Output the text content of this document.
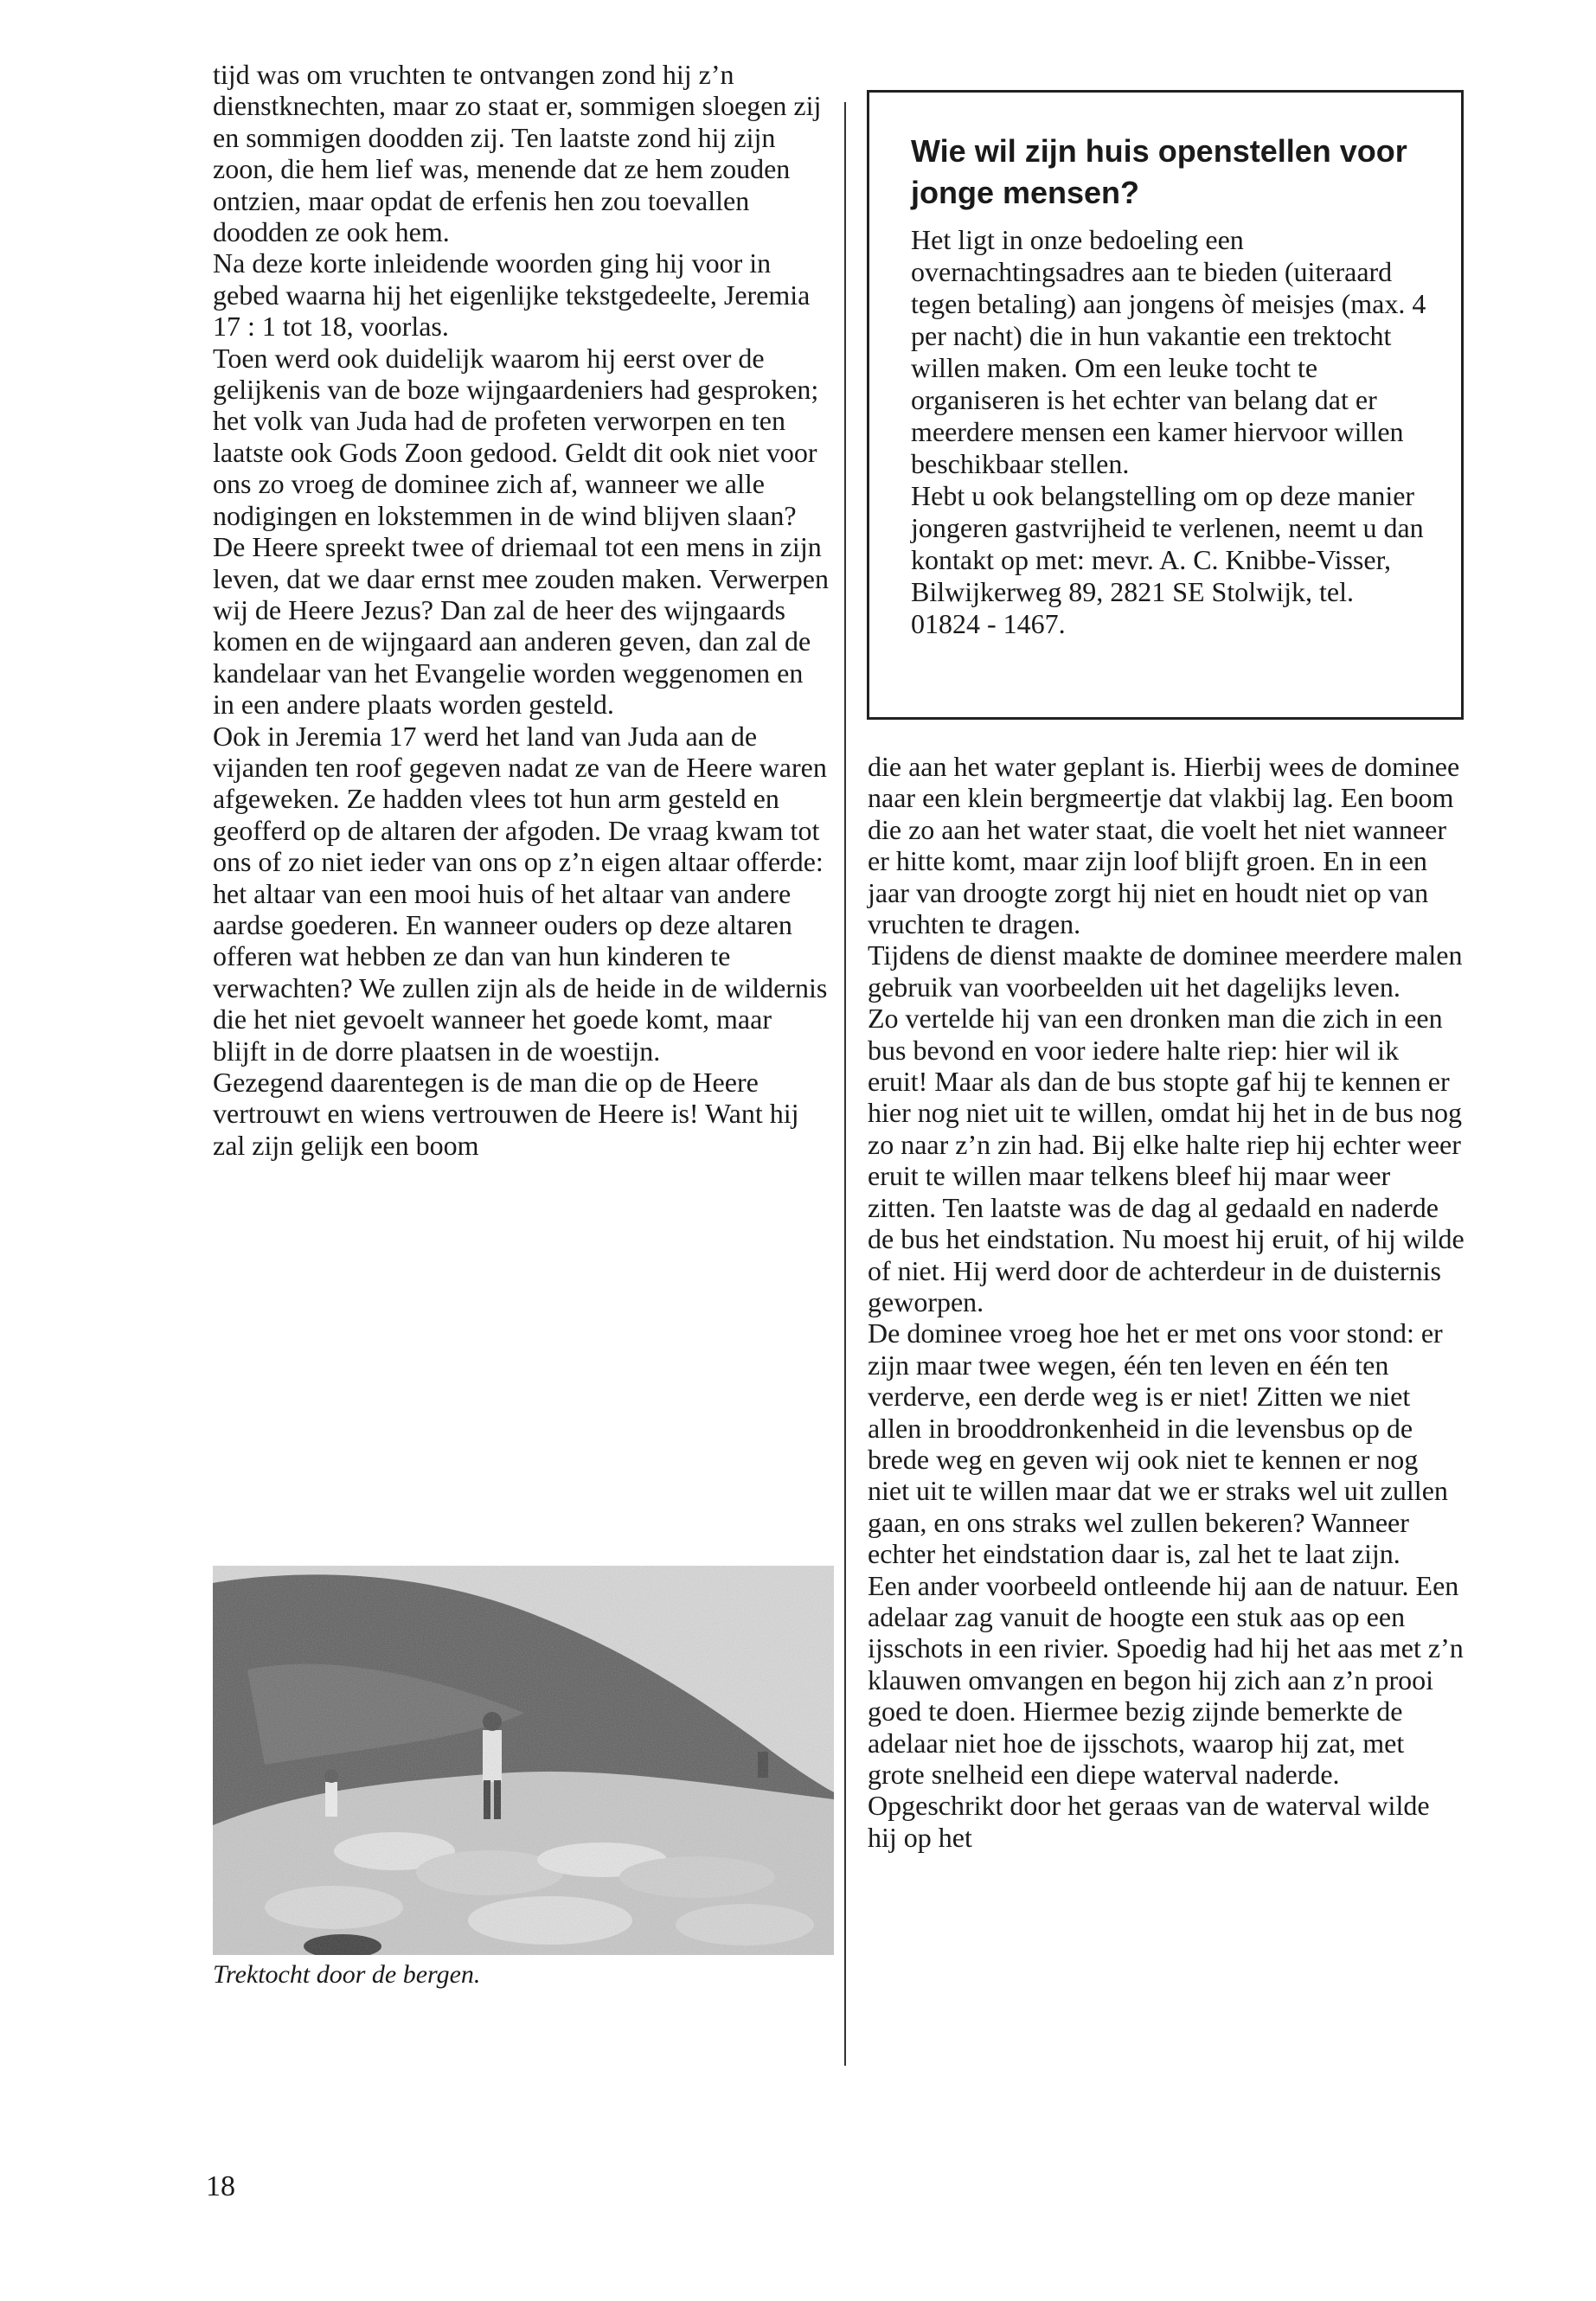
tijd was om vruchten te ontvangen zond hij z’n dienstknechten, maar zo staat er, sommigen sloegen zij en sommigen doodden zij. Ten laatste zond hij zijn zoon, die hem lief was, menende dat ze hem zouden ontzien, maar opdat de erfenis hen zou toevallen doodden ze ook hem.

Na deze korte inleidende woorden ging hij voor in gebed waarna hij het eigenlijke tekstgedeelte, Jeremia 17 : 1 tot 18, voorlas.

Toen werd ook duidelijk waarom hij eerst over de gelijkenis van de boze wijngaardeniers had gesproken; het volk van Juda had de profeten verworpen en ten laatste ook Gods Zoon gedood. Geldt dit ook niet voor ons zo vroeg de dominee zich af, wanneer we alle nodigingen en lokstemmen in de wind blijven slaan? De Heere spreekt twee of driemaal tot een mens in zijn leven, dat we daar ernst mee zouden maken. Verwerpen wij de Heere Jezus? Dan zal de heer des wijngaards komen en de wijngaard aan anderen geven, dan zal de kandelaar van het Evangelie worden weggenomen en in een andere plaats worden gesteld.

Ook in Jeremia 17 werd het land van Juda aan de vijanden ten roof gegeven nadat ze van de Heere waren afgeweken. Ze hadden vlees tot hun arm gesteld en geofferd op de altaren der afgoden. De vraag kwam tot ons of zo niet ieder van ons op z’n eigen altaar offerde: het altaar van een mooi huis of het altaar van andere aardse goederen. En wanneer ouders op deze altaren offeren wat hebben ze dan van hun kinderen te verwachten? We zullen zijn als de heide in de wildernis die het niet gevoelt wanneer het goede komt, maar blijft in de dorre plaatsen in de woestijn.

Gezegend daarentegen is de man die op de Heere vertrouwt en wiens vertrouwen de Heere is! Want hij zal zijn gelijk een boom

Wie wil zijn huis openstellen voor jonge mensen?

Het ligt in onze bedoeling een overnachtingsadres aan te bieden (uiteraard tegen betaling) aan jongens òf meisjes (max. 4 per nacht) die in hun vakantie een trektocht willen maken. Om een leuke tocht te organiseren is het echter van belang dat er meerdere mensen een kamer hiervoor willen beschikbaar stellen.

Hebt u ook belangstelling om op deze manier jongeren gastvrijheid te verlenen, neemt u dan kontakt op met: mevr. A. C. Knibbe-Visser, Bilwijkerweg 89, 2821 SE Stolwijk, tel. 01824 - 1467.

die aan het water geplant is. Hierbij wees de dominee naar een klein bergmeertje dat vlakbij lag. Een boom die zo aan het water staat, die voelt het niet wanneer er hitte komt, maar zijn loof blijft groen. En in een jaar van droogte zorgt hij niet en houdt niet op van vruchten te dragen.

Tijdens de dienst maakte de dominee meerdere malen gebruik van voorbeelden uit het dagelijks leven.

Zo vertelde hij van een dronken man die zich in een bus bevond en voor iedere halte riep: hier wil ik eruit! Maar als dan de bus stopte gaf hij te kennen er hier nog niet uit te willen, omdat hij het in de bus nog zo naar z’n zin had. Bij elke halte riep hij echter weer eruit te willen maar telkens bleef hij maar weer zitten. Ten laatste was de dag al gedaald en naderde de bus het eindstation. Nu moest hij eruit, of hij wilde of niet. Hij werd door de achterdeur in de duisternis geworpen.

De dominee vroeg hoe het er met ons voor stond: er zijn maar twee wegen, één ten leven en één ten verderve, een derde weg is er niet! Zitten we niet allen in brooddronkenheid in die levensbus op de brede weg en geven wij ook niet te kennen er nog niet uit te willen maar dat we er straks wel uit zullen gaan, en ons straks wel zullen bekeren? Wanneer echter het eindstation daar is, zal het te laat zijn.

Een ander voorbeeld ontleende hij aan de natuur. Een adelaar zag vanuit de hoogte een stuk aas op een ijsschots in een rivier. Spoedig had hij het aas met z’n klauwen omvangen en begon hij zich aan z’n prooi goed te doen. Hiermee bezig zijnde bemerkte de adelaar niet hoe de ijsschots, waarop hij zat, met grote snelheid een diepe waterval naderde. Opgeschrikt door het geraas van de waterval wilde hij op het

Trektocht door de bergen.
18
